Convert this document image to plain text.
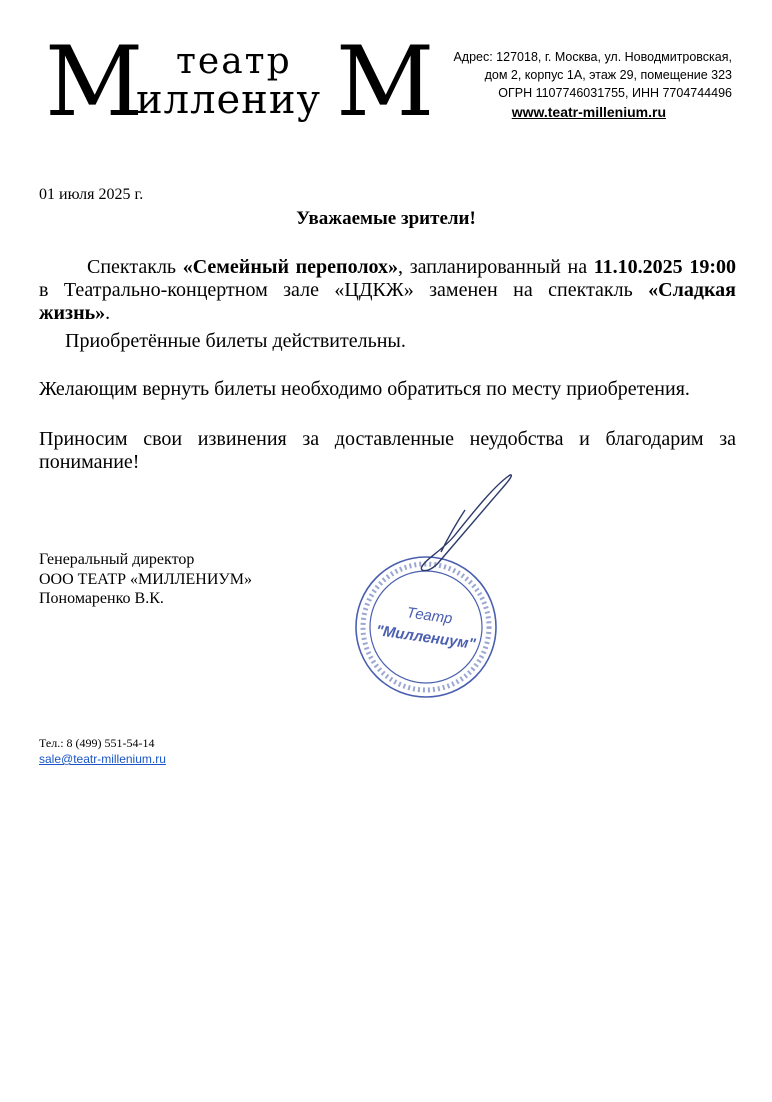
М театр
иллениу М	Адрес: 127018, г. Москва, ул. Новодмитровская,
дом 2, корпус 1А, этаж 29, помещение 323
ОГРН 1107746031755, ИНН 7704744496
www.teatr-millenium.ru
01 июля 2025 г.
Уважаемые зрители!
Спектакль «Семейный переполох», запланированный на 11.10.2025 19:00 в Театрально-концертном зале «ЦДКЖ» заменен на спектакль «Сладкая жизнь».
Приобретённые билеты действительны.
Желающим вернуть билеты необходимо обратиться по месту приобретения.
Приносим свои извинения за доставленные неудобства и благодарим за понимание!
Генеральный директор
ООО ТЕАТР «МИЛЛЕНИУМ»
Пономаренко В.К.
Театр
"Миллениум"
Тел.: 8 (499) 551-54-14
sale@teatr-millenium.ru
